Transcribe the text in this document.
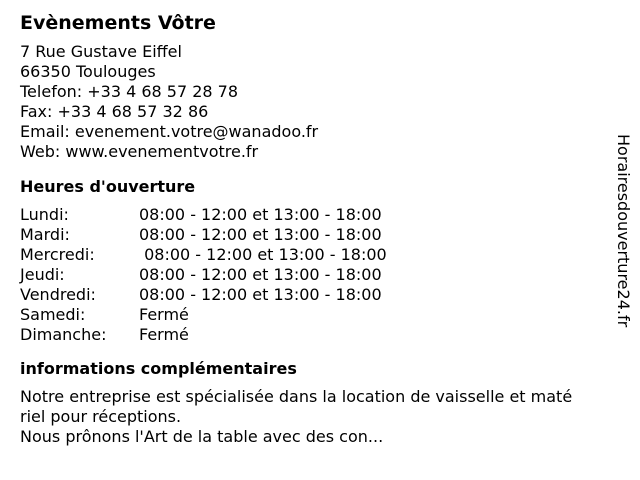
Evènements Vôtre
7 Rue Gustave Eiffel
66350 Toulouges
Telefon: +33 4 68 57 28 78
Fax: +33 4 68 57 32 86
Email: evenement.votre@wanadoo.fr
Web: www.evenementvotre.fr
Heures d'ouverture
Lundi:	08:00 - 12:00 et 13:00 - 18:00
Mardi:	08:00 - 12:00 et 13:00 - 18:00
Mercredi:	08:00 - 12:00 et 13:00 - 18:00
Jeudi:	08:00 - 12:00 et 13:00 - 18:00
Vendredi:	08:00 - 12:00 et 13:00 - 18:00
Samedi:	Fermé
Dimanche:	Fermé
informations complémentaires
Notre entreprise est spécialisée dans la location de vaisselle et maté
riel pour réceptions.
Nous prônons l'Art de la table avec des con...
Horairesdouverture24.fr
